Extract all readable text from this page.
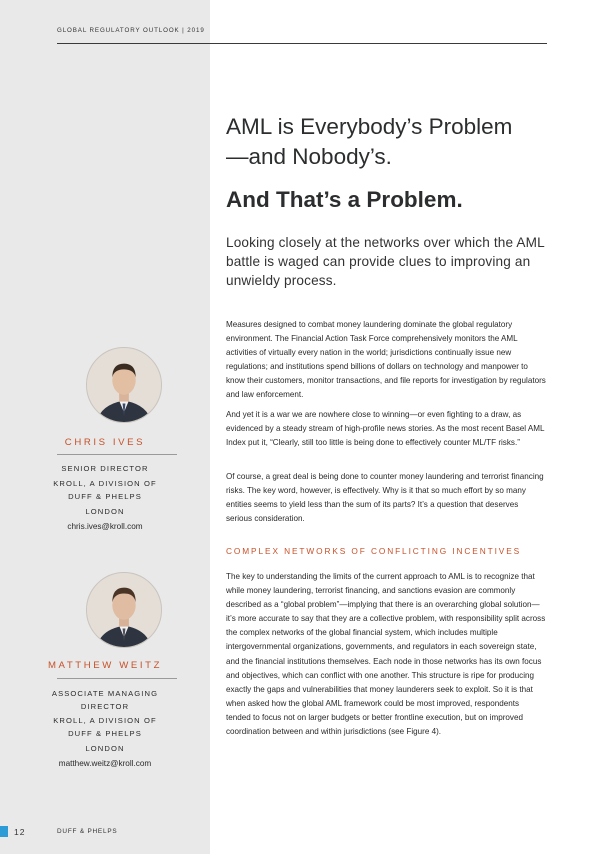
GLOBAL REGULATORY OUTLOOK | 2019
AML is Everybody’s Problem
—and Nobody’s.
And That’s a Problem.

Looking closely at the networks over which the AML battle is waged can provide clues to improving an unwieldy process.

Measures designed to combat money laundering dominate the global regulatory environment. The Financial Action Task Force comprehensively monitors the AML activities of virtually every nation in the world; jurisdictions continually issue new regulations; and institutions spend billions of dollars on technology and manpower to know their customers, monitor transactions, and file reports for investigation by regulators and law enforcement.

And yet it is a war we are nowhere close to winning—or even fighting to a draw, as evidenced by a steady stream of high-profile news stories. As the most recent Basel AML Index put it, “Clearly, still too little is being done to effectively counter ML/TF risks.”

Of course, a great deal is being done to counter money laundering and terrorist financing risks. The key word, however, is effectively. Why is it that so much effort by so many entities seems to yield less than the sum of its parts? It’s a question that deserves serious consideration.

COMPLEX NETWORKS OF CONFLICTING INCENTIVES

The key to understanding the limits of the current approach to AML is to recognize that while money laundering, terrorist financing, and sanctions evasion are commonly described as a “global problem”—implying that there is an overarching global solution—it’s more accurate to say that they are a collective problem, with responsibility split across the complex networks of the global financial system, which includes multiple intergovernmental organizations, governments, and regulators in each sovereign state, and the financial institutions themselves. Each node in those networks has its own focus and objectives, which can conflict with one another. This structure is ripe for producing exactly the gaps and vulnerabilities that money launderers seek to exploit. So it is that when asked how the global AML framework could be most improved, respondents tended to focus not on larger budgets or better frontline execution, but on improved coordination between and within jurisdictions (see Figure 4).

CHRIS IVES
SENIOR DIRECTOR
KROLL, A DIVISION OF
DUFF & PHELPS
LONDON
chris.ives@kroll.com
MATTHEW WEITZ
ASSOCIATE MANAGING
DIRECTOR
KROLL, A DIVISION OF
DUFF & PHELPS
LONDON
matthew.weitz@kroll.com
12	DUFF & PHELPS
